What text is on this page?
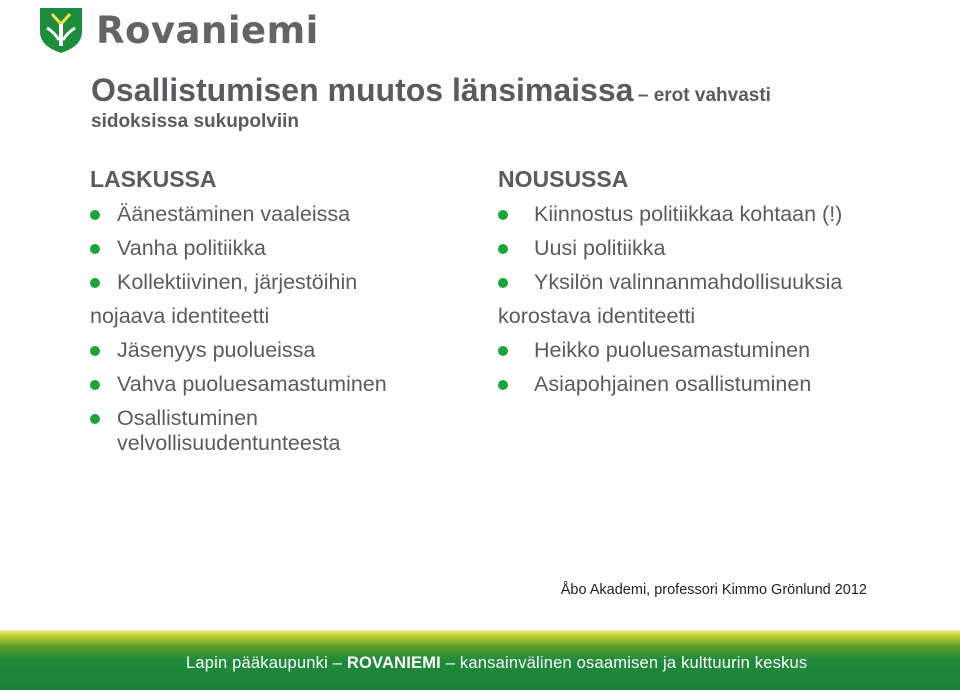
Rovaniemi
Osallistumisen muutos länsimaissa – erot vahvasti
sidoksissa sukupolviin
LASKUSSA
Äänestäminen vaaleissa
Vanha politiikka
Kollektiivinen, järjestöihin
nojaava identiteetti
Jäsenyys puolueissa
Vahva puoluesamastuminen
Osallistuminen velvollisuudentunteesta
NOUSUSSA
Kiinnostus politiikkaa kohtaan (!)
Uusi politiikka
Yksilön valinnanmahdollisuuksia
korostava identiteetti
Heikko puoluesamastuminen
Asiapohjainen osallistuminen
Åbo Akademi, professori Kimmo Grönlund 2012
Lapin pääkaupunki – ROVANIEMI – kansainvälinen osaamisen ja kulttuurin keskus
